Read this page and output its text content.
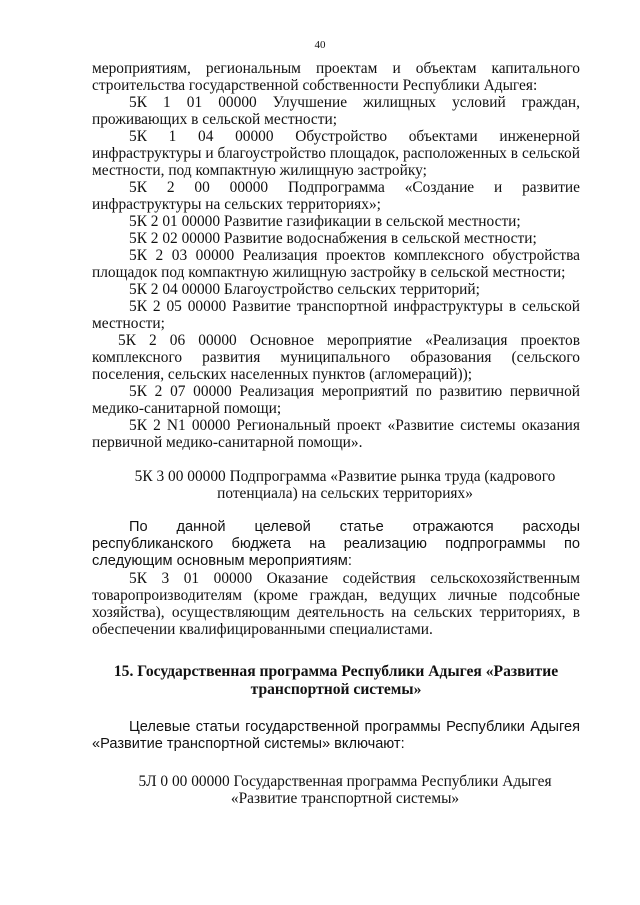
40

мероприятиям, региональным проектам и объектам капитального строительства государственной собственности Республики Адыгея:

5К 1 01 00000 Улучшение жилищных условий граждан, проживающих в сельской местности;

5К 1 04 00000 Обустройство объектами инженерной инфраструктуры и благоустройство площадок, расположенных в сельской местности, под компактную жилищную застройку;

5К 2 00 00000 Подпрограмма «Создание и развитие инфраструктуры на сельских территориях»;

5К 2 01 00000 Развитие газификации в сельской местности;

5К 2 02 00000 Развитие водоснабжения в сельской местности;

5К 2 03 00000 Реализация проектов комплексного обустройства площадок под компактную жилищную застройку в сельской местности;

5К 2 04 00000 Благоустройство сельских территорий;

5К 2 05 00000 Развитие транспортной инфраструктуры в сельской местности;

5К 2 06 00000 Основное мероприятие «Реализация проектов комплексного развития муниципального образования (сельского поселения, сельских населенных пунктов (агломераций));

5К 2 07 00000 Реализация мероприятий по развитию первичной медико-санитарной помощи;

5К 2 N1 00000 Региональный проект «Развитие системы оказания первичной медико-санитарной помощи».

5К 3 00 00000 Подпрограмма «Развитие рынка труда (кадрового потенциала) на сельских территориях»

По данной целевой статье отражаются расходы республиканского бюджета на реализацию подпрограммы по следующим основным мероприятиям:

5К 3 01 00000 Оказание содействия сельскохозяйственным товаропроизводителям (кроме граждан, ведущих личные подсобные хозяйства), осуществляющим деятельность на сельских территориях, в обеспечении квалифицированными специалистами.

15. Государственная программа Республики Адыгея «Развитие транспортной системы»

Целевые статьи государственной программы Республики Адыгея «Развитие транспортной системы» включают:

5Л 0 00 00000 Государственная программа Республики Адыгея «Развитие транспортной системы»
